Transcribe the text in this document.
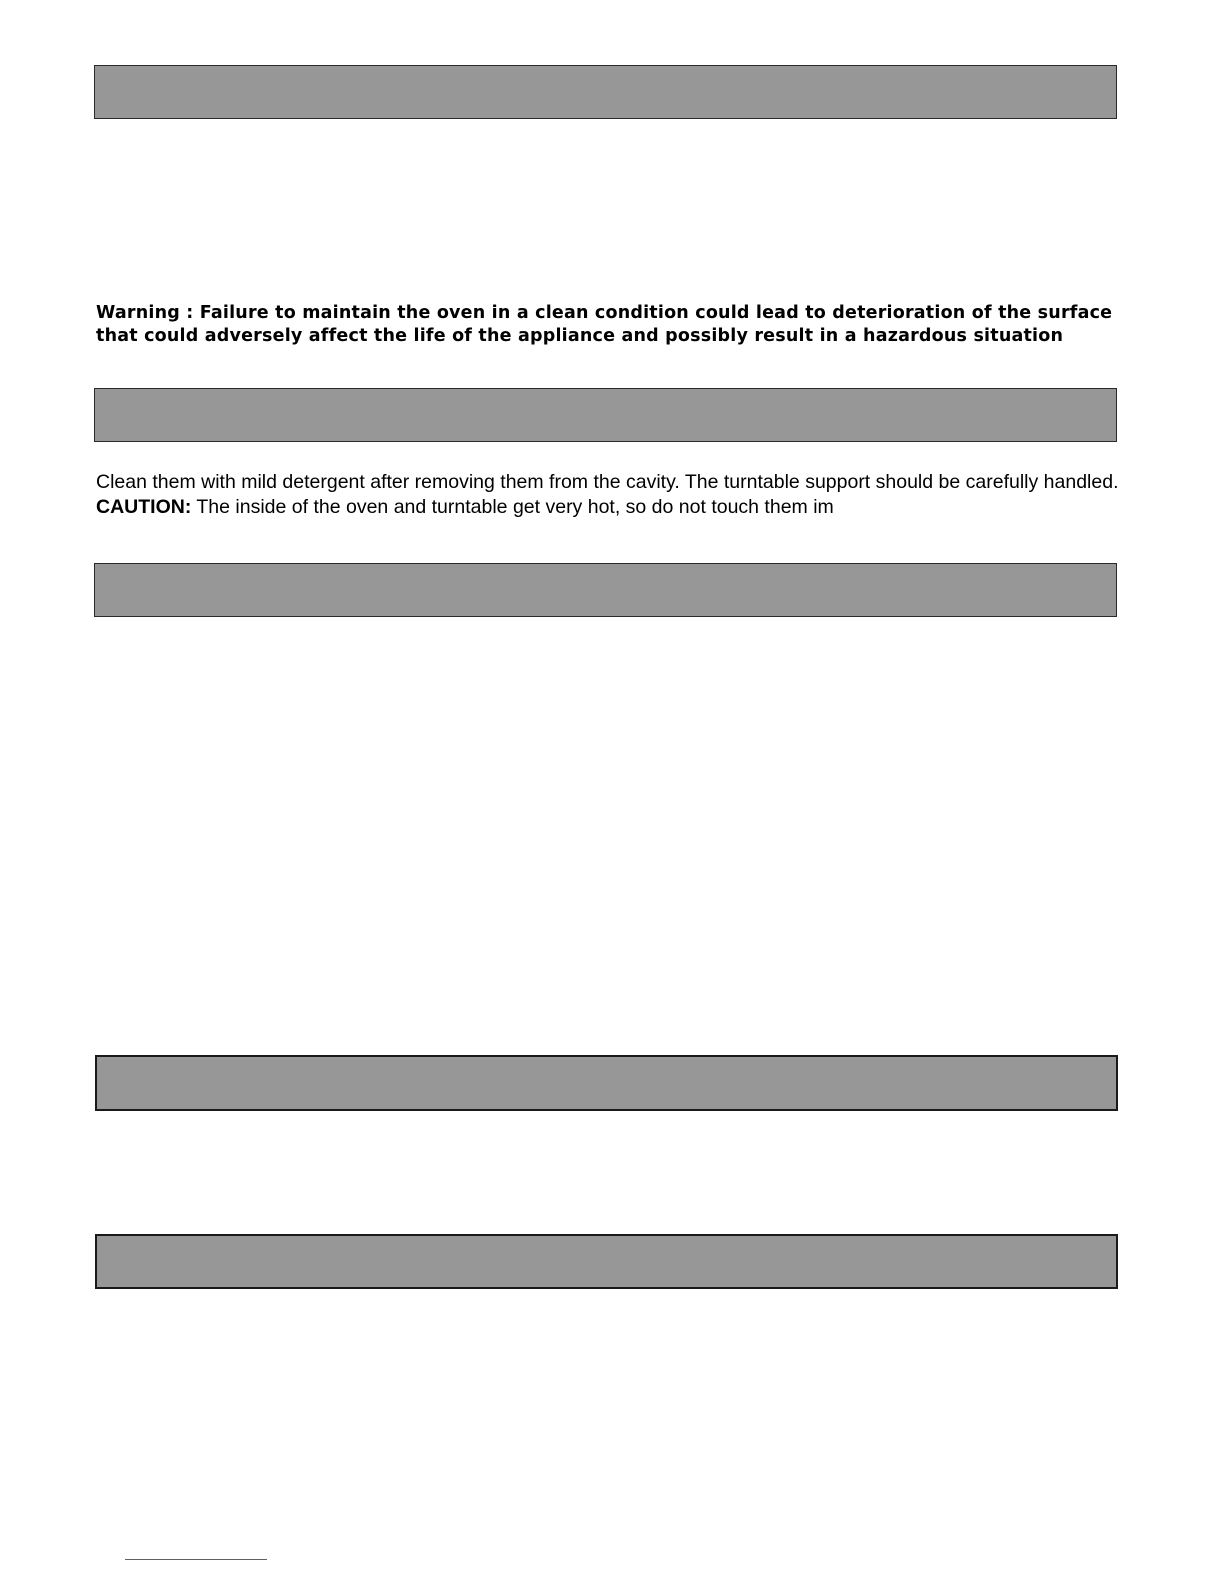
Warning : Failure to maintain the oven in a clean condition could lead to deterioration of the surface that could adversely affect the life of the appliance and possibly result in a hazardous situation

Clean them with mild detergent after removing them from the cavity. The turntable support should be carefully handled.

CAUTION: The inside of the oven and turntable get very hot, so do not touch them im
